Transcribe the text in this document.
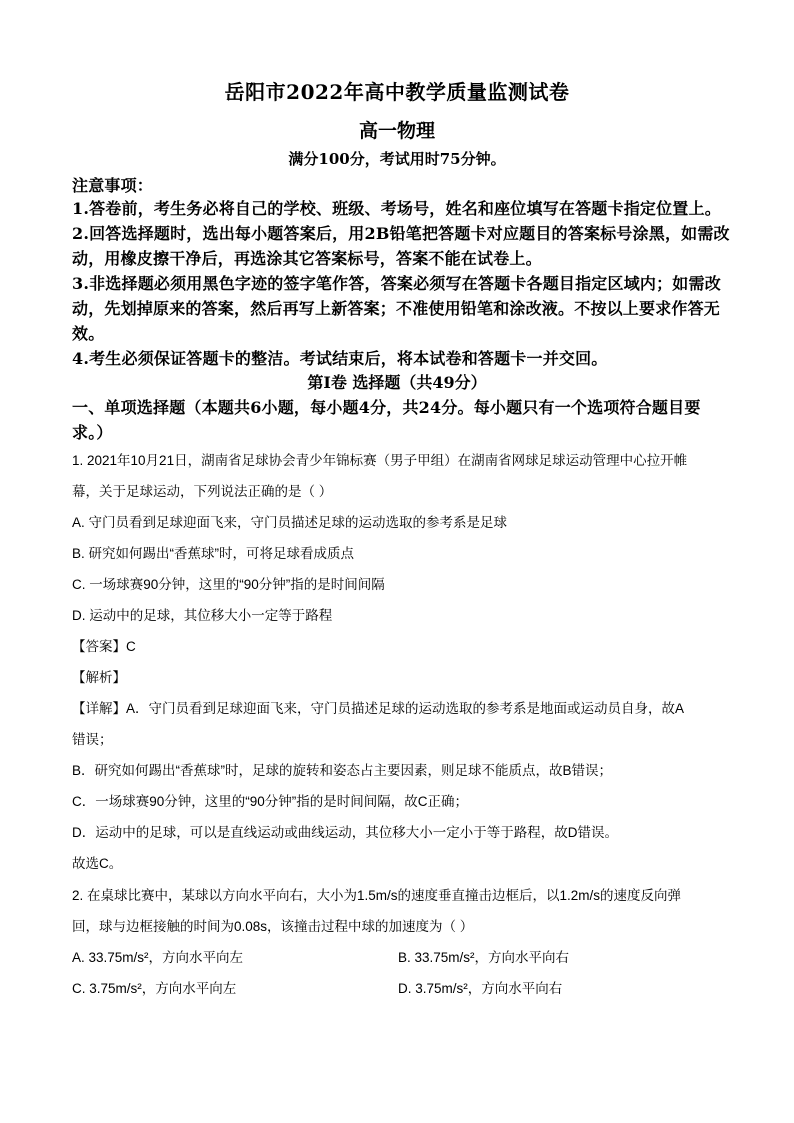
岳阳市2022年高中教学质量监测试卷
高一物理
满分100分，考试用时75分钟。
注意事项：
1.答卷前，考生务必将自己的学校、班级、考场号，姓名和座位填写在答题卡指定位置上。
2.回答选择题时，选出每小题答案后，用2B铅笔把答题卡对应题目的答案标号涂黑，如需改
动，用橡皮擦干净后，再选涂其它答案标号，答案不能在试卷上。
3.非选择题必须用黑色字迹的签字笔作答，答案必须写在答题卡各题目指定区域内；如需改
动，先划掉原来的答案，然后再写上新答案；不准使用铅笔和涂改液。不按以上要求作答无
效。
4.考生必须保证答题卡的整洁。考试结束后，将本试卷和答题卡一并交回。
第Ⅰ卷 选择题（共49分）
一、单项选择题（本题共6小题，每小题4分，共24分。每小题只有一个选项符合题目要
求。）
1. 2021年10月21日，湖南省足球协会青少年锦标赛（男子甲组）在湖南省网球足球运动管理中心拉开帷
幕，关于足球运动，下列说法正确的是（ ）
A. 守门员看到足球迎面飞来，守门员描述足球的运动选取的参考系是足球
B. 研究如何踢出“香蕉球”时，可将足球看成质点
C. 一场球赛90分钟，这里的“90分钟”指的是时间间隔
D. 运动中的足球，其位移大小一定等于路程
【答案】C
【解析】
【详解】A．守门员看到足球迎面飞来，守门员描述足球的运动选取的参考系是地面或运动员自身，故A
错误；
B．研究如何踢出“香蕉球”时，足球的旋转和姿态占主要因素，则足球不能质点，故B错误；
C．一场球赛90分钟，这里的“90分钟”指的是时间间隔，故C正确；
D．运动中的足球，可以是直线运动或曲线运动，其位移大小一定小于等于路程，故D错误。
故选C。
2. 在桌球比赛中，某球以方向水平向右，大小为1.5m/s的速度垂直撞击边框后，以1.2m/s的速度反向弹
回，球与边框接触的时间为0.08s，该撞击过程中球的加速度为（ ）
A. 33.75m/s²，方向水平向左	B. 33.75m/s²，方向水平向右
C. 3.75m/s²，方向水平向左	D. 3.75m/s²，方向水平向右
